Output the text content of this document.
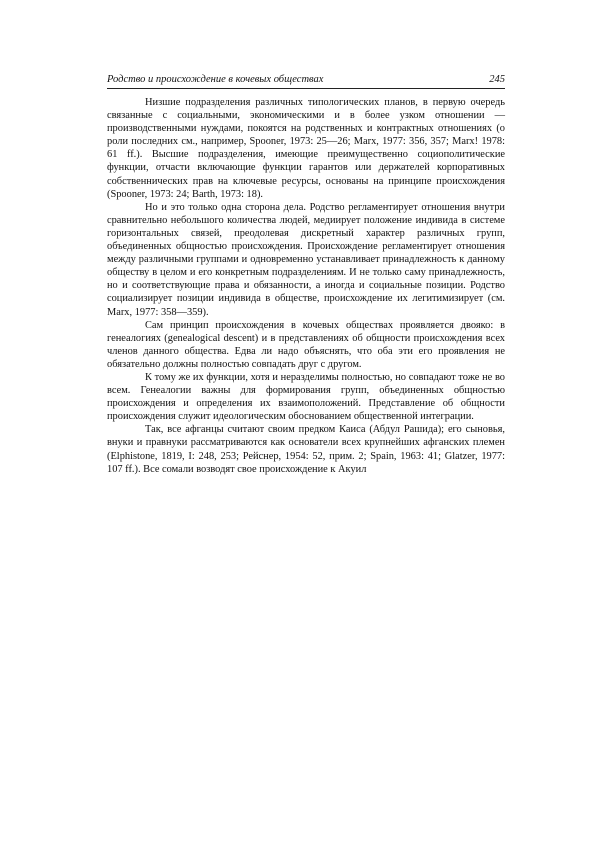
Родство и происхождение в кочевых обществах	245

Низшие подразделения различных типологических планов, в первую очередь связанные с социальными, экономическими и в более узком отношении — производственными нуждами, покоятся на родственных и контрактных отношениях (о роли последних см., например, Spooner, 1973: 25—26; Marx, 1977: 356, 357; Marx! 1978: 61 ff.). Высшие подразделения, имеющие преимущественно социополитические функции, отчасти включающие функции гарантов или держателей корпоративных собственнических прав на ключевые ресурсы, основаны на принципе происхождения (Spooner, 1973: 24; Barth, 1973: 18).

Но и это только одна сторона дела. Родство регламентирует отношения внутри сравнительно небольшого количества людей, медиирует положение индивида в системе горизонтальных связей, преодолевая дискретный характер различных групп, объединенных общностью происхождения. Происхождение регламентирует отношения между различными группами и одновременно устанавливает принадлежность к данному обществу в целом и его конкретным подразделениям. И не только саму принадлежность, но и соответствующие права и обязанности, а иногда и социальные позиции. Родство социализирует позиции индивида в обществе, происхождение их легитимизирует (см. Marx, 1977: 358—359).

Сам принцип происхождения в кочевых обществах проявляется двояко: в генеалогиях (genealogical descent) и в представлениях об общности происхождения всех членов данного общества. Едва ли надо объяснять, что оба эти его проявления не обязательно должны полностью совпадать друг с другом.

К тому же их функции, хотя и неразделимы полностью, но совпадают тоже не во всем. Генеалогии важны для формирования групп, объединенных общностью происхождения и определения их взаимоположений. Представление об общности происхождения служит идеологическим обоснованием общественной интеграции.

Так, все афганцы считают своим предком Каиса (Абдул Рашида); его сыновья, внуки и правнуки рассматриваются как основатели всех крупнейших афганских племен (Elphistone, 1819, I: 248, 253; Рейснер, 1954: 52, прим. 2; Spain, 1963: 41; Glatzer, 1977: 107 ff.). Все сомали возводят свое происхождение к Акуил
